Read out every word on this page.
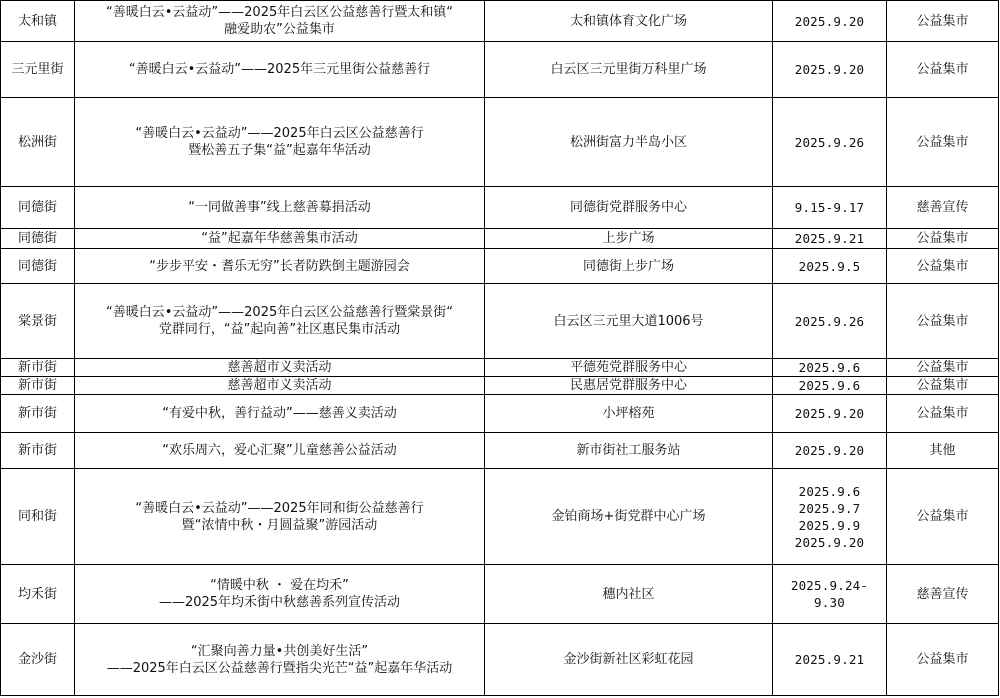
太和镇	“善暖白云•云益动”——2025年白云区公益慈善行暨太和镇“
融爱助农”公益集市	太和镇体育文化广场	2025.9.20	公益集市
三元里街	“善暖白云•云益动”——2025年三元里街公益慈善行	白云区三元里街万科里广场	2025.9.20	公益集市
松洲街	“善暖白云•云益动”——2025年白云区公益慈善行
暨松善五子集“益”起嘉年华活动	松洲街富力半岛小区	2025.9.26	公益集市
同德街	“一同做善事”线上慈善募捐活动	同德街党群服务中心	9.15-9.17	慈善宣传
同德街	“益”起嘉年华慈善集市活动	上步广场	2025.9.21	公益集市
同德街	“步步平安・耆乐无穷”长者防跌倒主题游园会	同德街上步广场	2025.9.5	公益集市
棠景街	“善暖白云•云益动”——2025年白云区公益慈善行暨棠景街“
党群同行，“益”起向善”社区惠民集市活动	白云区三元里大道1006号	2025.9.26	公益集市
新市街	慈善超市义卖活动	平德苑党群服务中心	2025.9.6	公益集市
新市街	慈善超市义卖活动	民惠居党群服务中心	2025.9.6	公益集市
新市街	“有爱中秋，善行益动”——慈善义卖活动	小坪榕苑	2025.9.20	公益集市
新市街	“欢乐周六，爱心汇聚”儿童慈善公益活动	新市街社工服务站	2025.9.20	其他
同和街	“善暖白云•云益动”——2025年同和街公益慈善行
暨“浓情中秋・月圆益聚”游园活动	金铂商场+街党群中心广场	2025.9.6
2025.9.7
2025.9.9
2025.9.20	公益集市
均禾街	“情暖中秋 ・ 爱在均禾”
——2025年均禾街中秋慈善系列宣传活动	穗内社区	2025.9.24-
9.30	慈善宣传
金沙街	“汇聚向善力量•共创美好生活”
——2025年白云区公益慈善行暨指尖光芒“益”起嘉年华活动	金沙街新社区彩虹花园	2025.9.21	公益集市
